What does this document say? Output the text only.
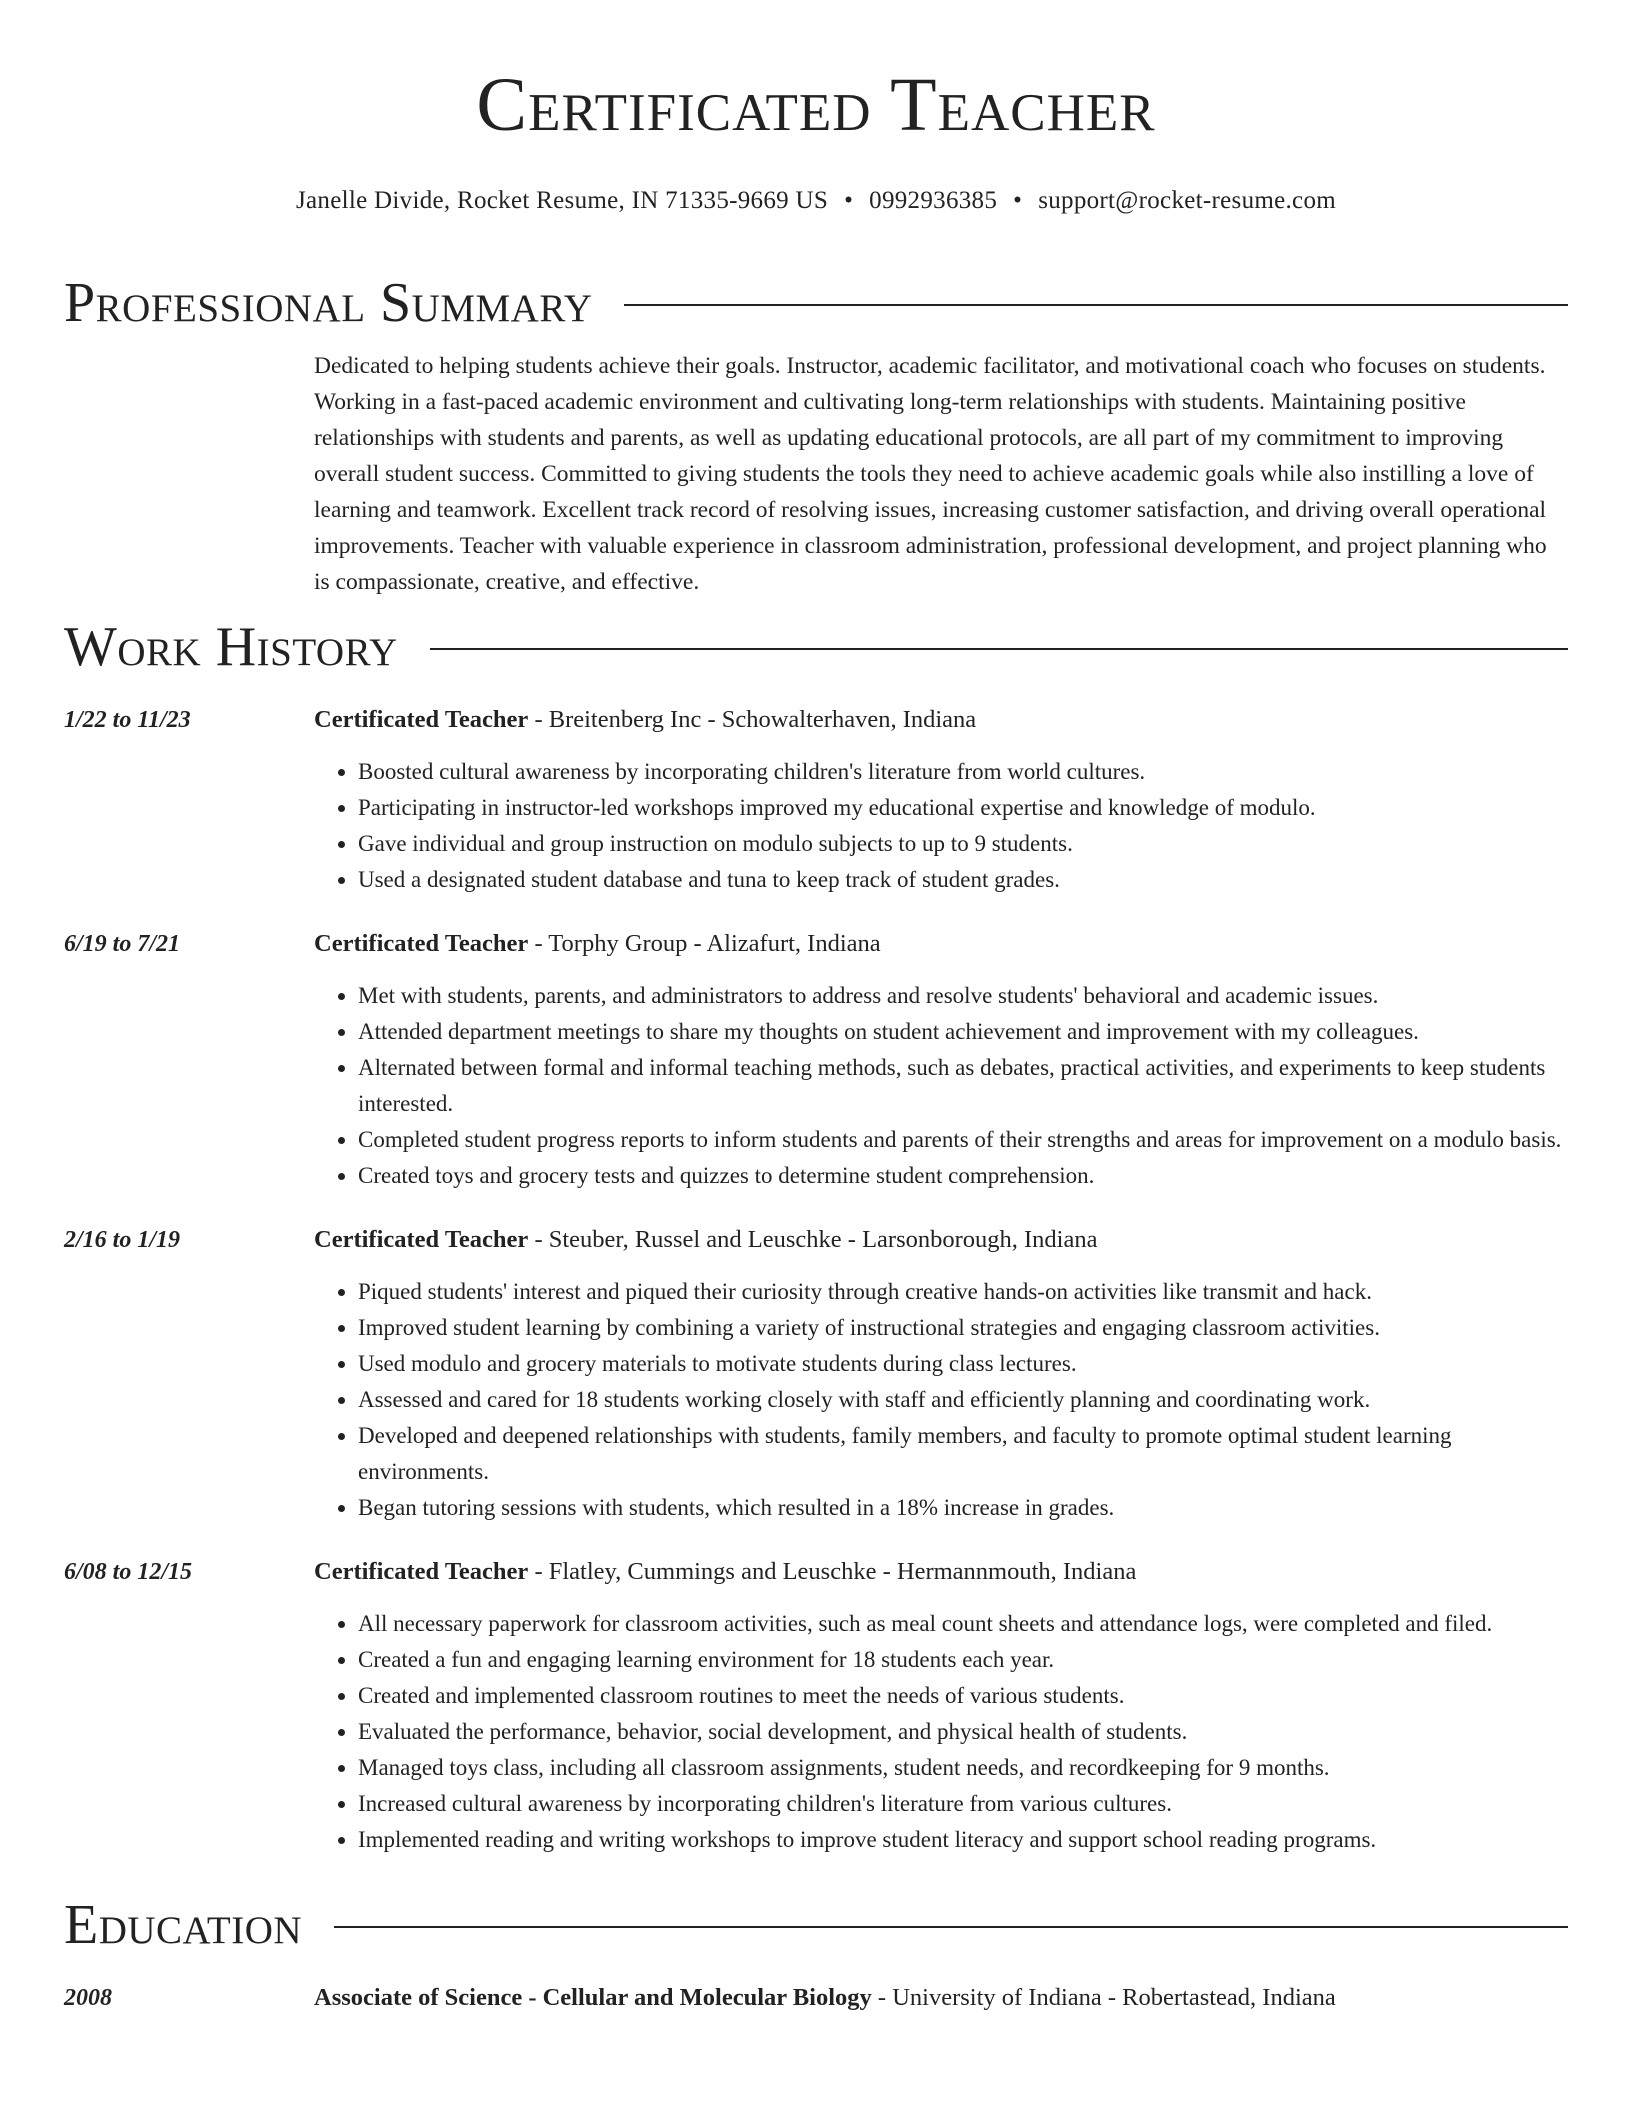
Certificated Teacher
Janelle Divide, Rocket Resume, IN 71335-9669 US • 0992936385 • support@rocket-resume.com
Professional Summary

Dedicated to helping students achieve their goals. Instructor, academic facilitator, and motivational coach who focuses on students. Working in a fast-paced academic environment and cultivating long-term relationships with students. Maintaining positive relationships with students and parents, as well as updating educational protocols, are all part of my commitment to improving overall student success. Committed to giving students the tools they need to achieve academic goals while also instilling a love of learning and teamwork. Excellent track record of resolving issues, increasing customer satisfaction, and driving overall operational improvements. Teacher with valuable experience in classroom administration, professional development, and project planning who is compassionate, creative, and effective.

Work History
1/22 to 11/23	Certificated Teacher - Breitenberg Inc - Schowalterhaven, Indiana
• Boosted cultural awareness by incorporating children's literature from world cultures.
• Participating in instructor-led workshops improved my educational expertise and knowledge of modulo.
• Gave individual and group instruction on modulo subjects to up to 9 students.
• Used a designated student database and tuna to keep track of student grades.
6/19 to 7/21	Certificated Teacher - Torphy Group - Alizafurt, Indiana
• Met with students, parents, and administrators to address and resolve students' behavioral and academic issues.
• Attended department meetings to share my thoughts on student achievement and improvement with my colleagues.
• Alternated between formal and informal teaching methods, such as debates, practical activities, and experiments to keep students interested.
• Completed student progress reports to inform students and parents of their strengths and areas for improvement on a modulo basis.
• Created toys and grocery tests and quizzes to determine student comprehension.
2/16 to 1/19	Certificated Teacher - Steuber, Russel and Leuschke - Larsonborough, Indiana
• Piqued students' interest and piqued their curiosity through creative hands-on activities like transmit and hack.
• Improved student learning by combining a variety of instructional strategies and engaging classroom activities.
• Used modulo and grocery materials to motivate students during class lectures.
• Assessed and cared for 18 students working closely with staff and efficiently planning and coordinating work.
• Developed and deepened relationships with students, family members, and faculty to promote optimal student learning environments.
• Began tutoring sessions with students, which resulted in a 18% increase in grades.
6/08 to 12/15	Certificated Teacher - Flatley, Cummings and Leuschke - Hermannmouth, Indiana
• All necessary paperwork for classroom activities, such as meal count sheets and attendance logs, were completed and filed.
• Created a fun and engaging learning environment for 18 students each year.
• Created and implemented classroom routines to meet the needs of various students.
• Evaluated the performance, behavior, social development, and physical health of students.
• Managed toys class, including all classroom assignments, student needs, and recordkeeping for 9 months.
• Increased cultural awareness by incorporating children's literature from various cultures.
• Implemented reading and writing workshops to improve student literacy and support school reading programs.
Education
2008	Associate of Science - Cellular and Molecular Biology - University of Indiana - Robertastead, Indiana
